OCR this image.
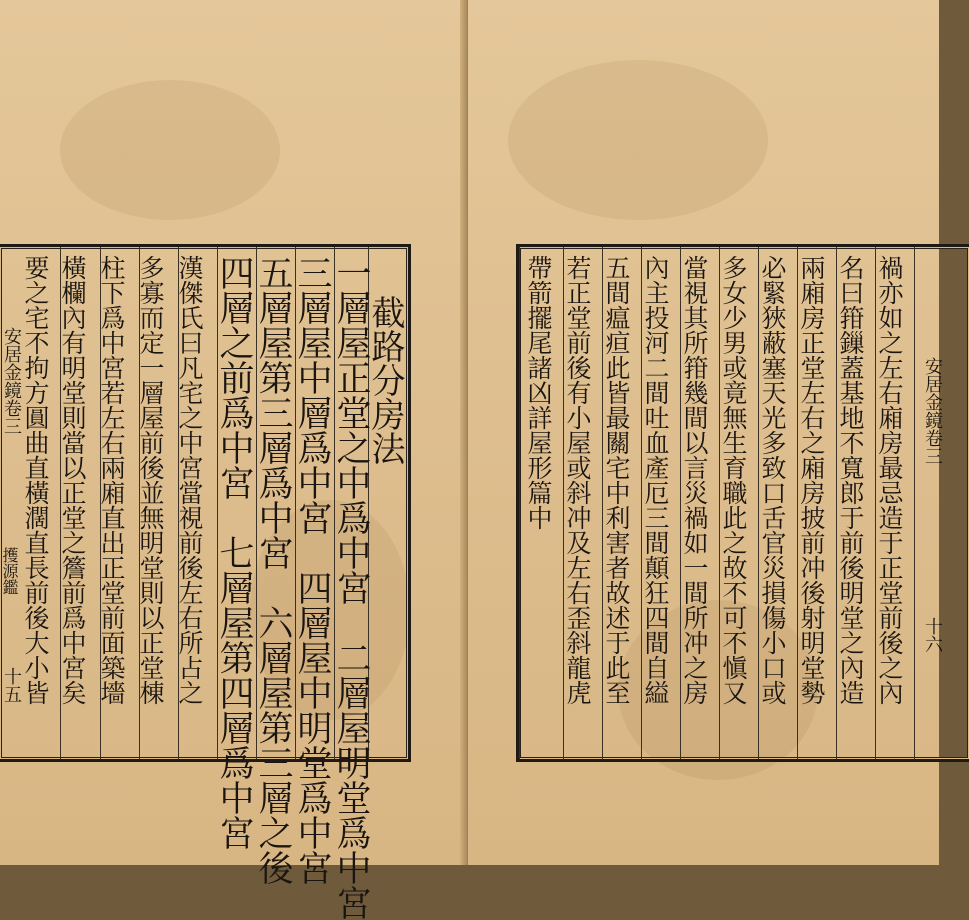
截路分房法
一層屋正堂之中爲中宮　二層屋明堂爲中宮
三層屋中層爲中宮　四層屋中明堂爲中宮
五層屋第三層爲中宮　六層屋第三層之後
四層之前爲中宮　七層屋第四層爲中宮
漢傑氏曰凡宅之中宮當視前後左右所占之
多寡而定一層屋前後並無明堂則以正堂棟
柱下爲中宮若左右兩廂直出正堂前面築墻
橫欄內有明堂則當以正堂之簷前爲中宮矣
要之宅不拘方圓曲直橫濶直長前後大小皆
安居金鏡卷三
擭源鑑
十五	禍亦如之左右廂房最忌造于正堂前後之內
名曰箝鏁蓋基地不寬郎于前後明堂之內造
兩廂房正堂左右之廂房披前冲後射明堂勢
必緊狹蔽塞天光多致口舌官災損傷小口或
多女少男或竟無生育職此之故不可不愼又
當視其所箝幾間以言災禍如一間所冲之房
內主投河二間吐血產厄三間顛狂四間自縊
五間瘟疸此皆最關宅中利害者故述于此至
若正堂前後有小屋或斜冲及左右歪斜龍虎
帶箭擺尾諸凶詳屋形篇中	安居金鏡卷三
十六
